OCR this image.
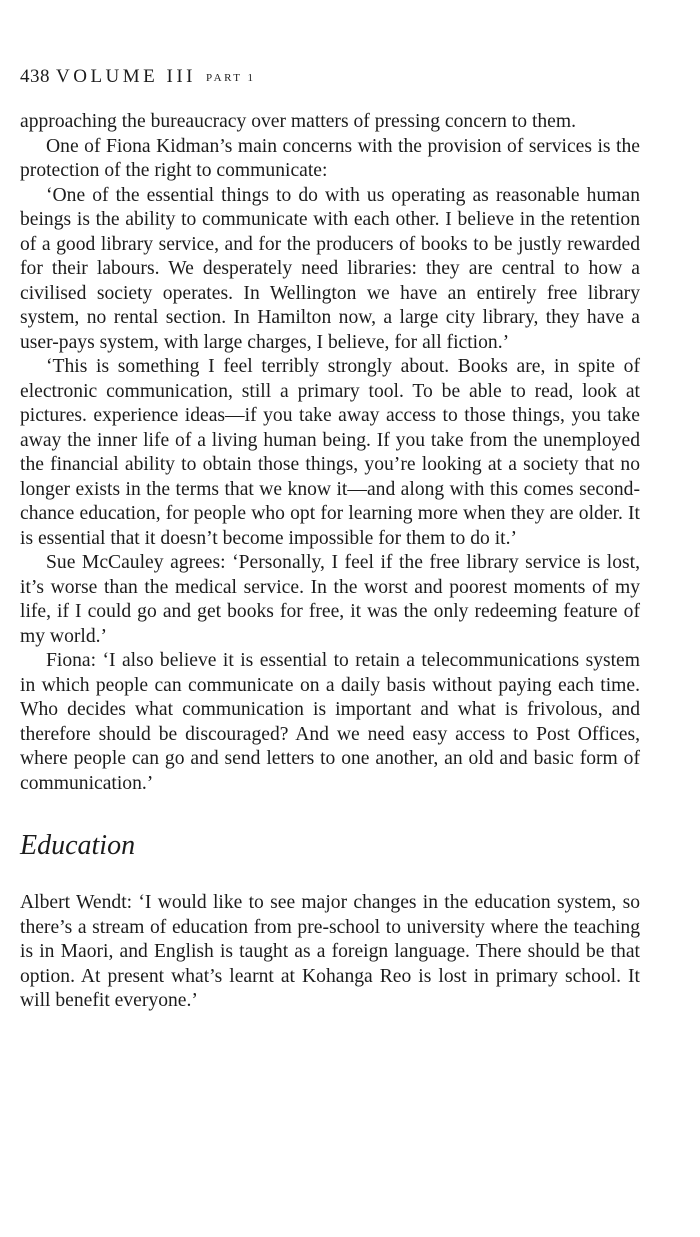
438 VOLUME III PART 1

approaching the bureaucracy over matters of pressing concern to them.

One of Fiona Kidman’s main concerns with the provision of services is the protection of the right to communicate:

‘One of the essential things to do with us operating as reasonable human beings is the ability to communicate with each other. I believe in the retention of a good library service, and for the producers of books to be justly rewarded for their labours. We desperately need libraries: they are central to how a civilised society operates. In Wellington we have an entirely free library system, no rental section. In Hamilton now, a large city library, they have a user-pays system, with large charges, I believe, for all fiction.’

‘This is something I feel terribly strongly about. Books are, in spite of electronic communication, still a primary tool. To be able to read, look at pictures. experience ideas—if you take away access to those things, you take away the inner life of a living human being. If you take from the unemployed the financial ability to obtain those things, you’re looking at a society that no longer exists in the terms that we know it—and along with this comes second-chance education, for people who opt for learning more when they are older. It is essential that it doesn’t become impossible for them to do it.’

Sue McCauley agrees: ‘Personally, I feel if the free library service is lost, it’s worse than the medical service. In the worst and poorest moments of my life, if I could go and get books for free, it was the only redeeming feature of my world.’

Fiona: ‘I also believe it is essential to retain a telecommunications system in which people can communicate on a daily basis without paying each time. Who decides what communication is important and what is frivolous, and therefore should be discouraged? And we need easy access to Post Offices, where people can go and send letters to one another, an old and basic form of communication.’

Education

Albert Wendt: ‘I would like to see major changes in the education system, so there’s a stream of education from pre-school to university where the teaching is in Maori, and English is taught as a foreign language. There should be that option. At present what’s learnt at Kohanga Reo is lost in primary school. It will benefit everyone.’
